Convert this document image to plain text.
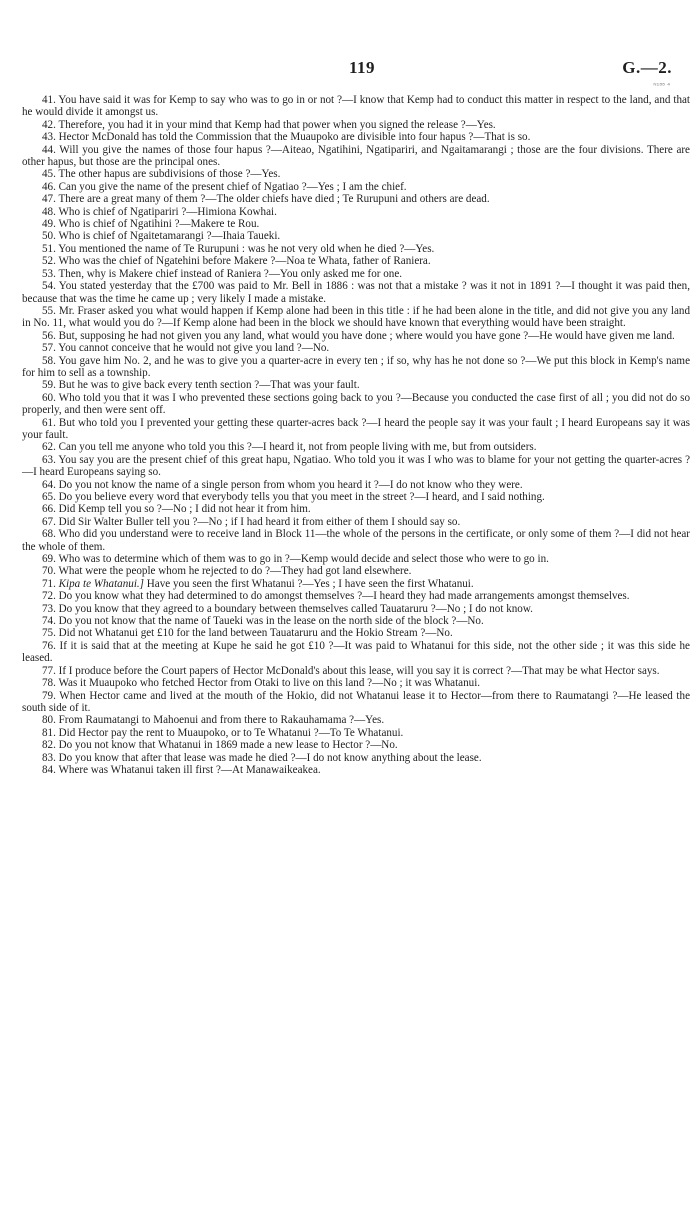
119	G.—2.
ᴺ¹⁸⁸ ⁴

41. You have said it was for Kemp to say who was to go in or not ?—I know that Kemp had to conduct this matter in respect to the land, and that he would divide it amongst us.

42. Therefore, you had it in your mind that Kemp had that power when you signed the release ?—Yes.

43. Hector McDonald has told the Commission that the Muaupoko are divisible into four hapus ?—That is so.

44. Will you give the names of those four hapus ?—Aiteao, Ngatihini, Ngatipariri, and Ngaitamarangi ; those are the four divisions. There are other hapus, but those are the principal ones.

45. The other hapus are subdivisions of those ?—Yes.

46. Can you give the name of the present chief of Ngatiao ?—Yes ; I am the chief.

47. There are a great many of them ?—The older chiefs have died ; Te Rurupuni and others are dead.

48. Who is chief of Ngatipariri ?—Himiona Kowhai.

49. Who is chief of Ngatihini ?—Makere te Rou.

50. Who is chief of Ngaitetamarangi ?—Ihaia Taueki.

51. You mentioned the name of Te Rurupuni : was he not very old when he died ?—Yes.

52. Who was the chief of Ngatehini before Makere ?—Noa te Whata, father of Raniera.

53. Then, why is Makere chief instead of Raniera ?—You only asked me for one.

54. You stated yesterday that the £700 was paid to Mr. Bell in 1886 : was not that a mistake ? was it not in 1891 ?—I thought it was paid then, because that was the time he came up ; very likely I made a mistake.

55. Mr. Fraser asked you what would happen if Kemp alone had been in this title : if he had been alone in the title, and did not give you any land in No. 11, what would you do ?—If Kemp alone had been in the block we should have known that everything would have been straight.

56. But, supposing he had not given you any land, what would you have done ; where would you have gone ?—He would have given me land.

57. You cannot conceive that he would not give you land ?—No.

58. You gave him No. 2, and he was to give you a quarter-acre in every ten ; if so, why has he not done so ?—We put this block in Kemp's name for him to sell as a township.

59. But he was to give back every tenth section ?—That was your fault.

60. Who told you that it was I who prevented these sections going back to you ?—Because you conducted the case first of all ; you did not do so properly, and then were sent off.

61. But who told you I prevented your getting these quarter-acres back ?—I heard the people say it was your fault ; I heard Europeans say it was your fault.

62. Can you tell me anyone who told you this ?—I heard it, not from people living with me, but from outsiders.

63. You say you are the present chief of this great hapu, Ngatiao. Who told you it was I who was to blame for your not getting the quarter-acres ?—I heard Europeans saying so.

64. Do you not know the name of a single person from whom you heard it ?—I do not know who they were.

65. Do you believe every word that everybody tells you that you meet in the street ?—I heard, and I said nothing.

66. Did Kemp tell you so ?—No ; I did not hear it from him.

67. Did Sir Walter Buller tell you ?—No ; if I had heard it from either of them I should say so.

68. Who did you understand were to receive land in Block 11—the whole of the persons in the certificate, or only some of them ?—I did not hear the whole of them.

69. Who was to determine which of them was to go in ?—Kemp would decide and select those who were to go in.

70. What were the people whom he rejected to do ?—They had got land elsewhere.

71. Kipa te Whatanui.] Have you seen the first Whatanui ?—Yes ; I have seen the first Whatanui.

72. Do you know what they had determined to do amongst themselves ?—I heard they had made arrangements amongst themselves.

73. Do you know that they agreed to a boundary between themselves called Tauataruru ?—No ; I do not know.

74. Do you not know that the name of Taueki was in the lease on the north side of the block ?—No.

75. Did not Whatanui get £10 for the land between Tauataruru and the Hokio Stream ?—No.

76. If it is said that at the meeting at Kupe he said he got £10 ?—It was paid to Whatanui for this side, not the other side ; it was this side he leased.

77. If I produce before the Court papers of Hector McDonald's about this lease, will you say it is correct ?—That may be what Hector says.

78. Was it Muaupoko who fetched Hector from Otaki to live on this land ?—No ; it was Whatanui.

79. When Hector came and lived at the mouth of the Hokio, did not Whatanui lease it to Hector—from there to Raumatangi ?—He leased the south side of it.

80. From Raumatangi to Mahoenui and from there to Rakauhamama ?—Yes.

81. Did Hector pay the rent to Muaupoko, or to Te Whatanui ?—To Te Whatanui.

82. Do you not know that Whatanui in 1869 made a new lease to Hector ?—No.

83. Do you know that after that lease was made he died ?—I do not know anything about the lease.

84. Where was Whatanui taken ill first ?—At Manawaikeakea.
